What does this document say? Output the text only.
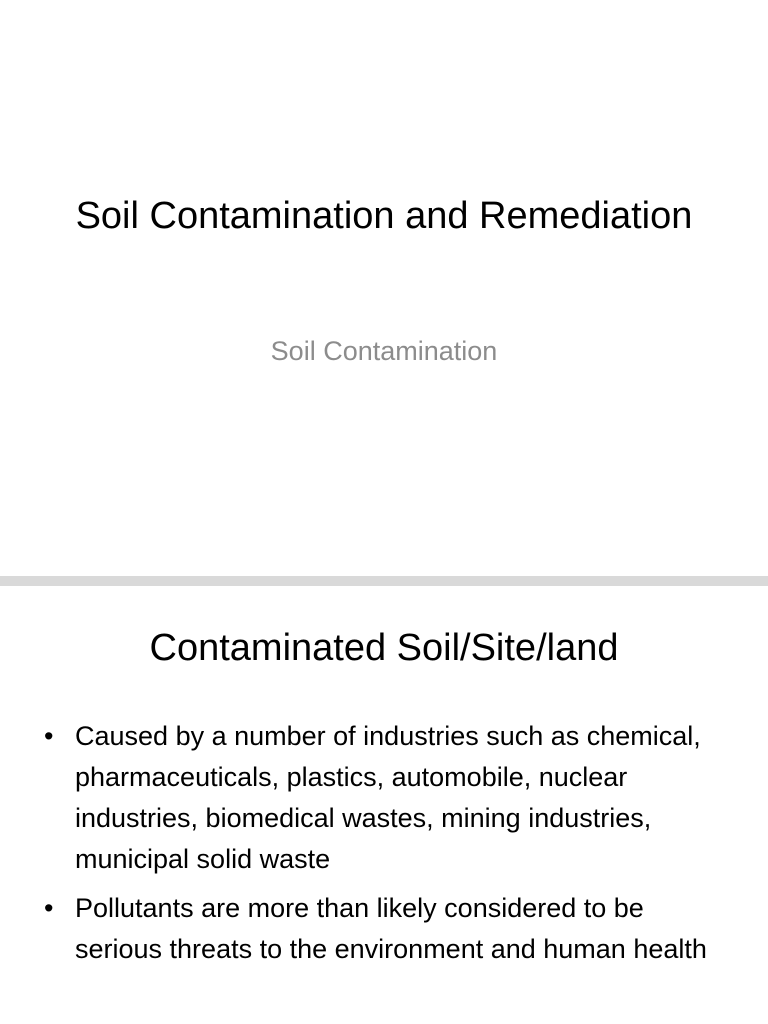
Soil Contamination and Remediation
Soil Contamination
Contaminated Soil/Site/land
• Caused by a number of industries such as chemical, pharmaceuticals, plastics, automobile, nuclear industries, biomedical wastes, mining industries, municipal solid waste
• Pollutants are more than likely considered to be serious threats to the environment and human health
